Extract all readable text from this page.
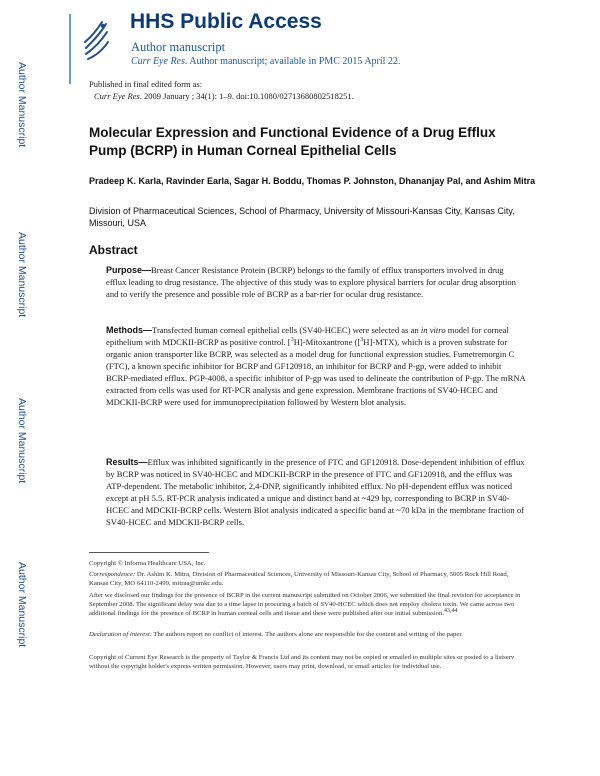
Author Manuscript
Author Manuscript
Author Manuscript
Author Manuscript
HHS Public Access
Author manuscript
Curr Eye Res. Author manuscript; available in PMC 2015 April 22.
Published in final edited form as:
Curr Eye Res. 2009 January ; 34(1): 1–9. doi:10.1080/02713680802518251.
Molecular Expression and Functional Evidence of a Drug Efflux Pump (BCRP) in Human Corneal Epithelial Cells
Pradeep K. Karla, Ravinder Earla, Sagar H. Boddu, Thomas P. Johnston, Dhananjay Pal, and Ashim Mitra
Division of Pharmaceutical Sciences, School of Pharmacy, University of Missouri-Kansas City, Kansas City, Missouri, USA
Abstract
Purpose—Breast Cancer Resistance Protein (BCRP) belongs to the family of efflux transporters involved in drug efflux leading to drug resistance. The objective of this study was to explore physical barriers for ocular drug absorption and to verify the presence and possible role of BCRP as a bar-rier for ocular drug resistance.
Methods—Transfected human corneal epithelial cells (SV40-HCEC) were selected as an in vitro model for corneal epithelium with MDCKII-BCRP as positive control. [$^3$H]-Mitoxantrone ([$^3$H]-MTX), which is a proven substrate for organic anion transporter like BCRP, was selected as a model drug for functional expression studies. Fumetremorgin C (FTC), a known specific inhibitor for BCRP and GF120918, an inhibitor for BCRP and P-gp, were added to inhibit BCRP-mediated efflux. PGP-4008, a specific inhibitor of P-gp was used to delineate the contribution of P-gp. The mRNA extracted from cells was used for RT-PCR analysis and gene expression. Membrane fractions of SV40-HCEC and MDCKII-BCRP were used for immunoprecipitation followed by Western blot analysis.
Results—Efflux was inhibited significantly in the presence of FTC and GF120918. Dose-dependent inhibition of efflux by BCRP was noticed in SV40-HCEC and MDCKII-BCRP in the presence of FTC and GF120918, and the efflux was ATP-dependent. The metabolic inhibitor, 2,4-DNP, significantly inhibited efflux. No pH-dependent efflux was noticed except at pH 5.5. RT-PCR analysis indicated a unique and distinct band at ~429 bp, corresponding to BCRP in SV40-HCEC and MDCKII-BCRP cells. Western Blot analysis indicated a specific band at ~70 kDa in the membrane fraction of SV40-HCEC and MDCKII-BCRP cells.
Copyright © Informa Healthcare USA, Inc.
Correspondence: Dr. Ashim K. Mitra, Division of Pharmaceutical Sciences, University of Missouri-Kansas City, School of Pharmacy, 5005 Rock Hill Road, Kansas City, MO 64110-2499. mitraa@umkc.edu.
After we disclosed our findings for the presence of BCRP in the current manuscript submitted on October 2006, we submitted the final revision for acceptance in September 2008. The significant delay was due to a time lapse in procuring a batch of SV40-HCEC which does not employ cholera toxin. We came across two additional findings for the presence of BCRP in human corneal cells and tissue and these were published after our initial submission.$^{43,44}$
Declaration of interest: The authors report no conflict of interest. The authors alone are responsible for the content and writing of the paper.
Copyright of Current Eye Research is the property of Taylor & Francis Ltd and its content may not be copied or emailed to multiple sites or posted to a listserv without the copyright holder's express written permission. However, users may print, download, or email articles for individual use.
